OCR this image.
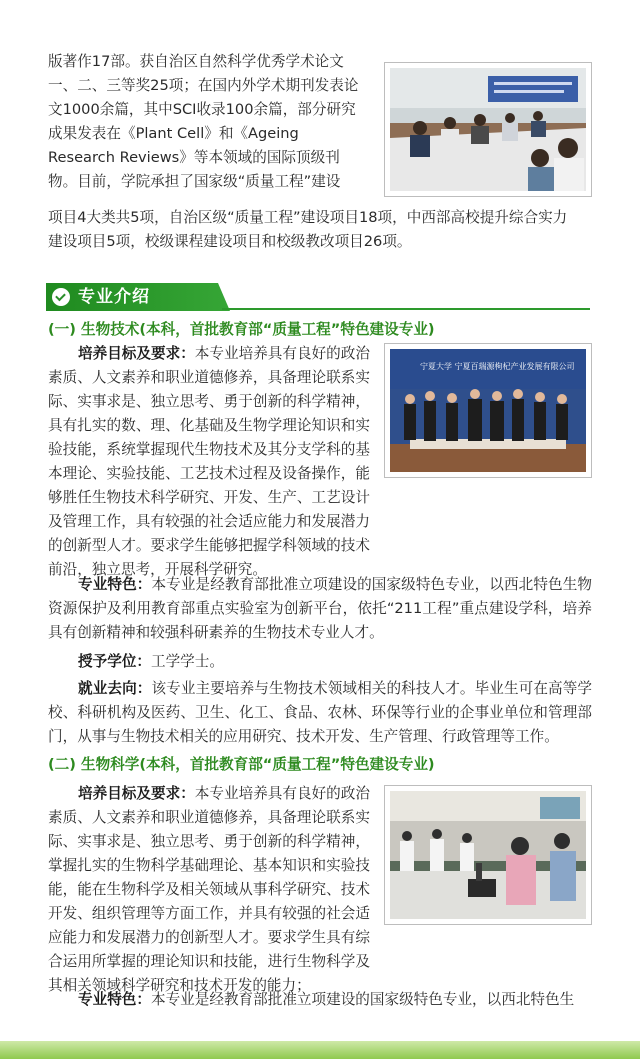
版著作17部。获自治区自然科学优秀学术论文
一、二、三等奖25项；在国内外学术期刊发表论
文1000余篇，其中SCI收录100余篇，部分研究
成果发表在《Plant Cell》和《Ageing
Research Reviews》等本领域的国际顶级刊
物。目前，学院承担了国家级“质量工程”建设
项目4大类共5项，自治区级“质量工程”建设项目18项，中西部高校提升综合实力
建设项目5项，校级课程建设项目和校级教改项目26项。
专业介绍
(一) 生物技术(本科，首批教育部“质量工程”特色建设专业)
宁夏大学 宁夏百瑞源枸杞产业发展有限公司
培养目标及要求：本专业培养具有良好的政治素质、人文素养和职业道德修养，具备理论联系实际、实事求是、独立思考、勇于创新的科学精神，具有扎实的数、理、化基础及生物学理论知识和实验技能，系统掌握现代生物技术及其分支学科的基本理论、实验技能、工艺技术过程及设备操作，能够胜任生物技术科学研究、开发、生产、工艺设计及管理工作，具有较强的社会适应能力和发展潜力的创新型人才。要求学生能够把握学科领域的技术前沿，独立思考，开展科学研究。
专业特色：本专业是经教育部批准立项建设的国家级特色专业，以西北特色生物资源保护及利用教育部重点实验室为创新平台，依托“211工程”重点建设学科，培养具有创新精神和较强科研素养的生物技术专业人才。
授予学位：工学学士。
就业去向：该专业主要培养与生物技术领域相关的科技人才。毕业生可在高等学校、科研机构及医药、卫生、化工、食品、农林、环保等行业的企事业单位和管理部门，从事与生物技术相关的应用研究、技术开发、生产管理、行政管理等工作。
(二) 生物科学(本科，首批教育部“质量工程”特色建设专业)
培养目标及要求：本专业培养具有良好的政治素质、人文素养和职业道德修养，具备理论联系实际、实事求是、独立思考、勇于创新的科学精神，掌握扎实的生物科学基础理论、基本知识和实验技能，能在生物科学及相关领域从事科学研究、技术开发、组织管理等方面工作，并具有较强的社会适应能力和发展潜力的创新型人才。要求学生具有综合运用所掌握的理论知识和技能，进行生物科学及其相关领域科学研究和技术开发的能力；
专业特色：本专业是经教育部批准立项建设的国家级特色专业，以西北特色生
